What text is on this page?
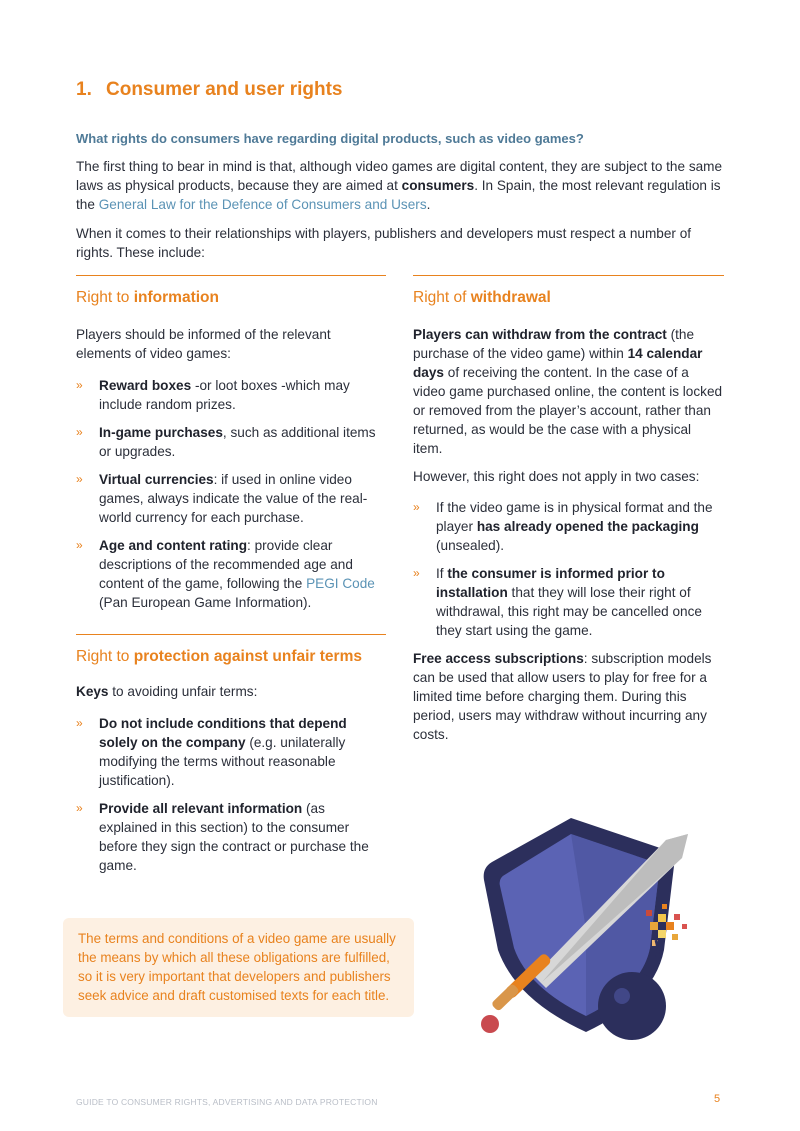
1. Consumer and user rights

What rights do consumers have regarding digital products, such as video games?

The first thing to bear in mind is that, although video games are digital content, they are subject to the same laws as physical products, because they are aimed at consumers. In Spain, the most relevant regulation is the General Law for the Defence of Consumers and Users.

When it comes to their relationships with players, publishers and developers must respect a number of rights. These include:

Right to information

Players should be informed of the relevant elements of video games:

» Reward boxes -or loot boxes -which may include random prizes.
» In-game purchases, such as additional items or upgrades.
» Virtual currencies: if used in online video games, always indicate the value of the real-world currency for each purchase.
» Age and content rating: provide clear descriptions of the recommended age and content of the game, following the PEGI Code (Pan European Game Information).
Right to protection against unfair terms

Keys to avoiding unfair terms:

» Do not include conditions that depend solely on the company (e.g. unilaterally modifying the terms without reasonable justification).
» Provide all relevant information (as explained in this section) to the consumer before they sign the contract or purchase the game.
Right of withdrawal

Players can withdraw from the contract (the purchase of the video game) within 14 calendar days of receiving the content. In the case of a video game purchased online, the content is locked or removed from the player’s account, rather than returned, as would be the case with a physical item.

However, this right does not apply in two cases:

» If the video game is in physical format and the player has already opened the packaging (unsealed).
» If the consumer is informed prior to installation that they will lose their right of withdrawal, this right may be cancelled once they start using the game.

Free access subscriptions: subscription models can be used that allow users to play for free for a limited time before charging them. During this period, users may withdraw without incurring any costs.

The terms and conditions of a video game are usually the means by which all these obligations are fulfilled, so it is very important that developers and publishers seek advice and draft customised texts for each title.
GUIDE TO CONSUMER RIGHTS, ADVERTISING AND DATA PROTECTION	5
